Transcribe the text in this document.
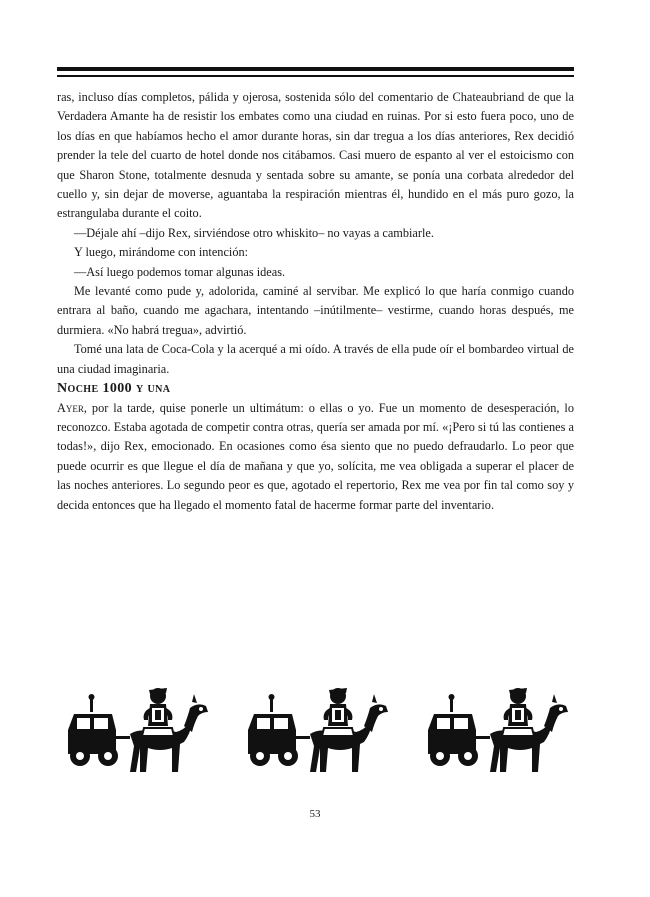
ras, incluso días completos, pálida y ojerosa, sostenida sólo del comentario de Chateaubriand de que la Verdadera Amante ha de resistir los embates como una ciudad en ruinas. Por si esto fuera poco, uno de los días en que habíamos hecho el amor durante horas, sin dar tregua a los días anteriores, Rex decidió prender la tele del cuarto de hotel donde nos citábamos. Casi muero de espanto al ver el estoicismo con que Sharon Stone, totalmente desnuda y sentada sobre su amante, se ponía una corbata alrededor del cuello y, sin dejar de moverse, aguantaba la respiración mientras él, hundido en el más puro gozo, la estrangulaba durante el coito.

—Déjale ahí –dijo Rex, sirviéndose otro whiskito– no vayas a cambiarle.

Y luego, mirándome con intención:

—Así luego podemos tomar algunas ideas.

Me levanté como pude y, adolorida, caminé al servibar. Me explicó lo que haría conmigo cuando entrara al baño, cuando me agachara, intentando –inútilmente– vestirme, cuando horas después, me durmiera. «No habrá tregua», advirtió.

Tomé una lata de Coca-Cola y la acerqué a mi oído. A través de ella pude oír el bombardeo virtual de una ciudad imaginaria.

Noche 1000 y una

Ayer, por la tarde, quise ponerle un ultimátum: o ellas o yo. Fue un momento de desesperación, lo reconozco. Estaba agotada de competir contra otras, quería ser amada por mí. «¡Pero si tú las contienes a todas!», dijo Rex, emocionado. En ocasiones como ésa siento que no puedo defraudarlo. Lo peor que puede ocurrir es que llegue el día de mañana y que yo, solícita, me vea obligada a superar el placer de las noches anteriores. Lo segundo peor es que, agotado el repertorio, Rex me vea por fin tal como soy y decida entonces que ha llegado el momento fatal de hacerme formar parte del inventario.

53
